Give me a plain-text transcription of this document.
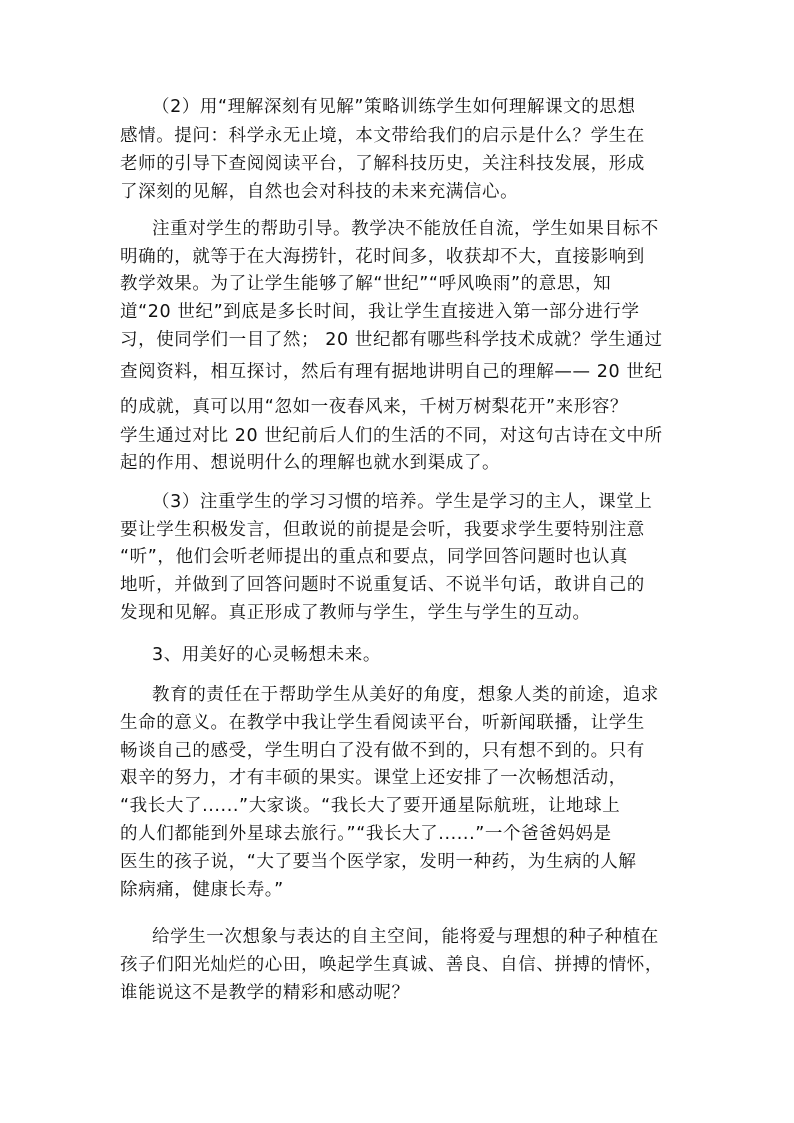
（2）用“理解深刻有见解”策略训练学生如何理解课文的思想
感情。提问：科学永无止境，本文带给我们的启示是什么？学生在
老师的引导下查阅阅读平台，了解科技历史，关注科技发展，形成
了深刻的见解，自然也会对科技的未来充满信心。
注重对学生的帮助引导。教学决不能放任自流，学生如果目标不
明确的，就等于在大海捞针，花时间多，收获却不大，直接影响到
教学效果。为了让学生能够了解“世纪”“呼风唤雨”的意思，知
道“20 世纪”到底是多长时间，我让学生直接进入第一部分进行学
习，使同学们一目了然； 20 世纪都有哪些科学技术成就？学生通过
查阅资料，相互探讨，然后有理有据地讲明自己的理解—— 20 世纪
的成就，真可以用“忽如一夜春风来，千树万树梨花开”来形容？
学生通过对比 20 世纪前后人们的生活的不同，对这句古诗在文中所
起的作用、想说明什么的理解也就水到渠成了。
（3）注重学生的学习习惯的培养。学生是学习的主人，课堂上
要让学生积极发言，但敢说的前提是会听，我要求学生要特别注意
“听”，他们会听老师提出的重点和要点，同学回答问题时也认真
地听，并做到了回答问题时不说重复话、不说半句话，敢讲自己的
发现和见解。真正形成了教师与学生，学生与学生的互动。
3、用美好的心灵畅想未来。
教育的责任在于帮助学生从美好的角度，想象人类的前途，追求
生命的意义。在教学中我让学生看阅读平台，听新闻联播，让学生
畅谈自己的感受，学生明白了没有做不到的，只有想不到的。只有
艰辛的努力，才有丰硕的果实。课堂上还安排了一次畅想活动，
“我长大了......”大家谈。“我长大了要开通星际航班，让地球上
的人们都能到外星球去旅行。”“我长大了......”一个爸爸妈妈是
医生的孩子说，“大了要当个医学家，发明一种药，为生病的人解
除病痛，健康长寿。”
给学生一次想象与表达的自主空间，能将爱与理想的种子种植在
孩子们阳光灿烂的心田，唤起学生真诚、善良、自信、拼搏的情怀，
谁能说这不是教学的精彩和感动呢？
